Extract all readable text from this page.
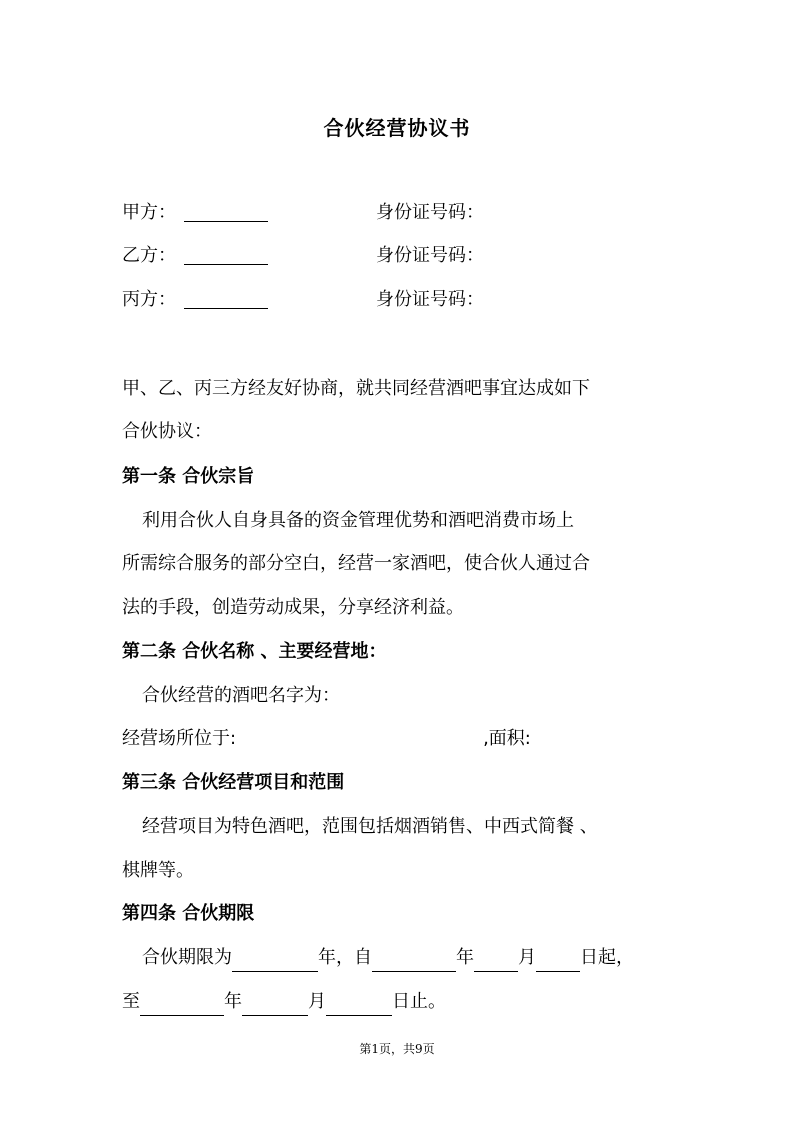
合伙经营协议书
甲方：	身份证号码：
乙方：	身份证号码：
丙方：	身份证号码：
甲、乙、丙三方经友好协商，就共同经营酒吧事宜达成如下
合伙协议：
第一条 合伙宗旨
利用合伙人自身具备的资金管理优势和酒吧消费市场上
所需综合服务的部分空白，经营一家酒吧，使合伙人通过合
法的手段，创造劳动成果，分享经济利益。
第二条 合伙名称 、主要经营地：
合伙经营的酒吧名字为：
经营场所位于:	,面积:
第三条 合伙经营项目和范围
经营项目为特色酒吧，范围包括烟酒销售、中西式简餐 、
棋牌等。
第四条 合伙期限
合伙期限为	年，自	年 月 日起，
至	年	月	日止。
第1页，共9页
